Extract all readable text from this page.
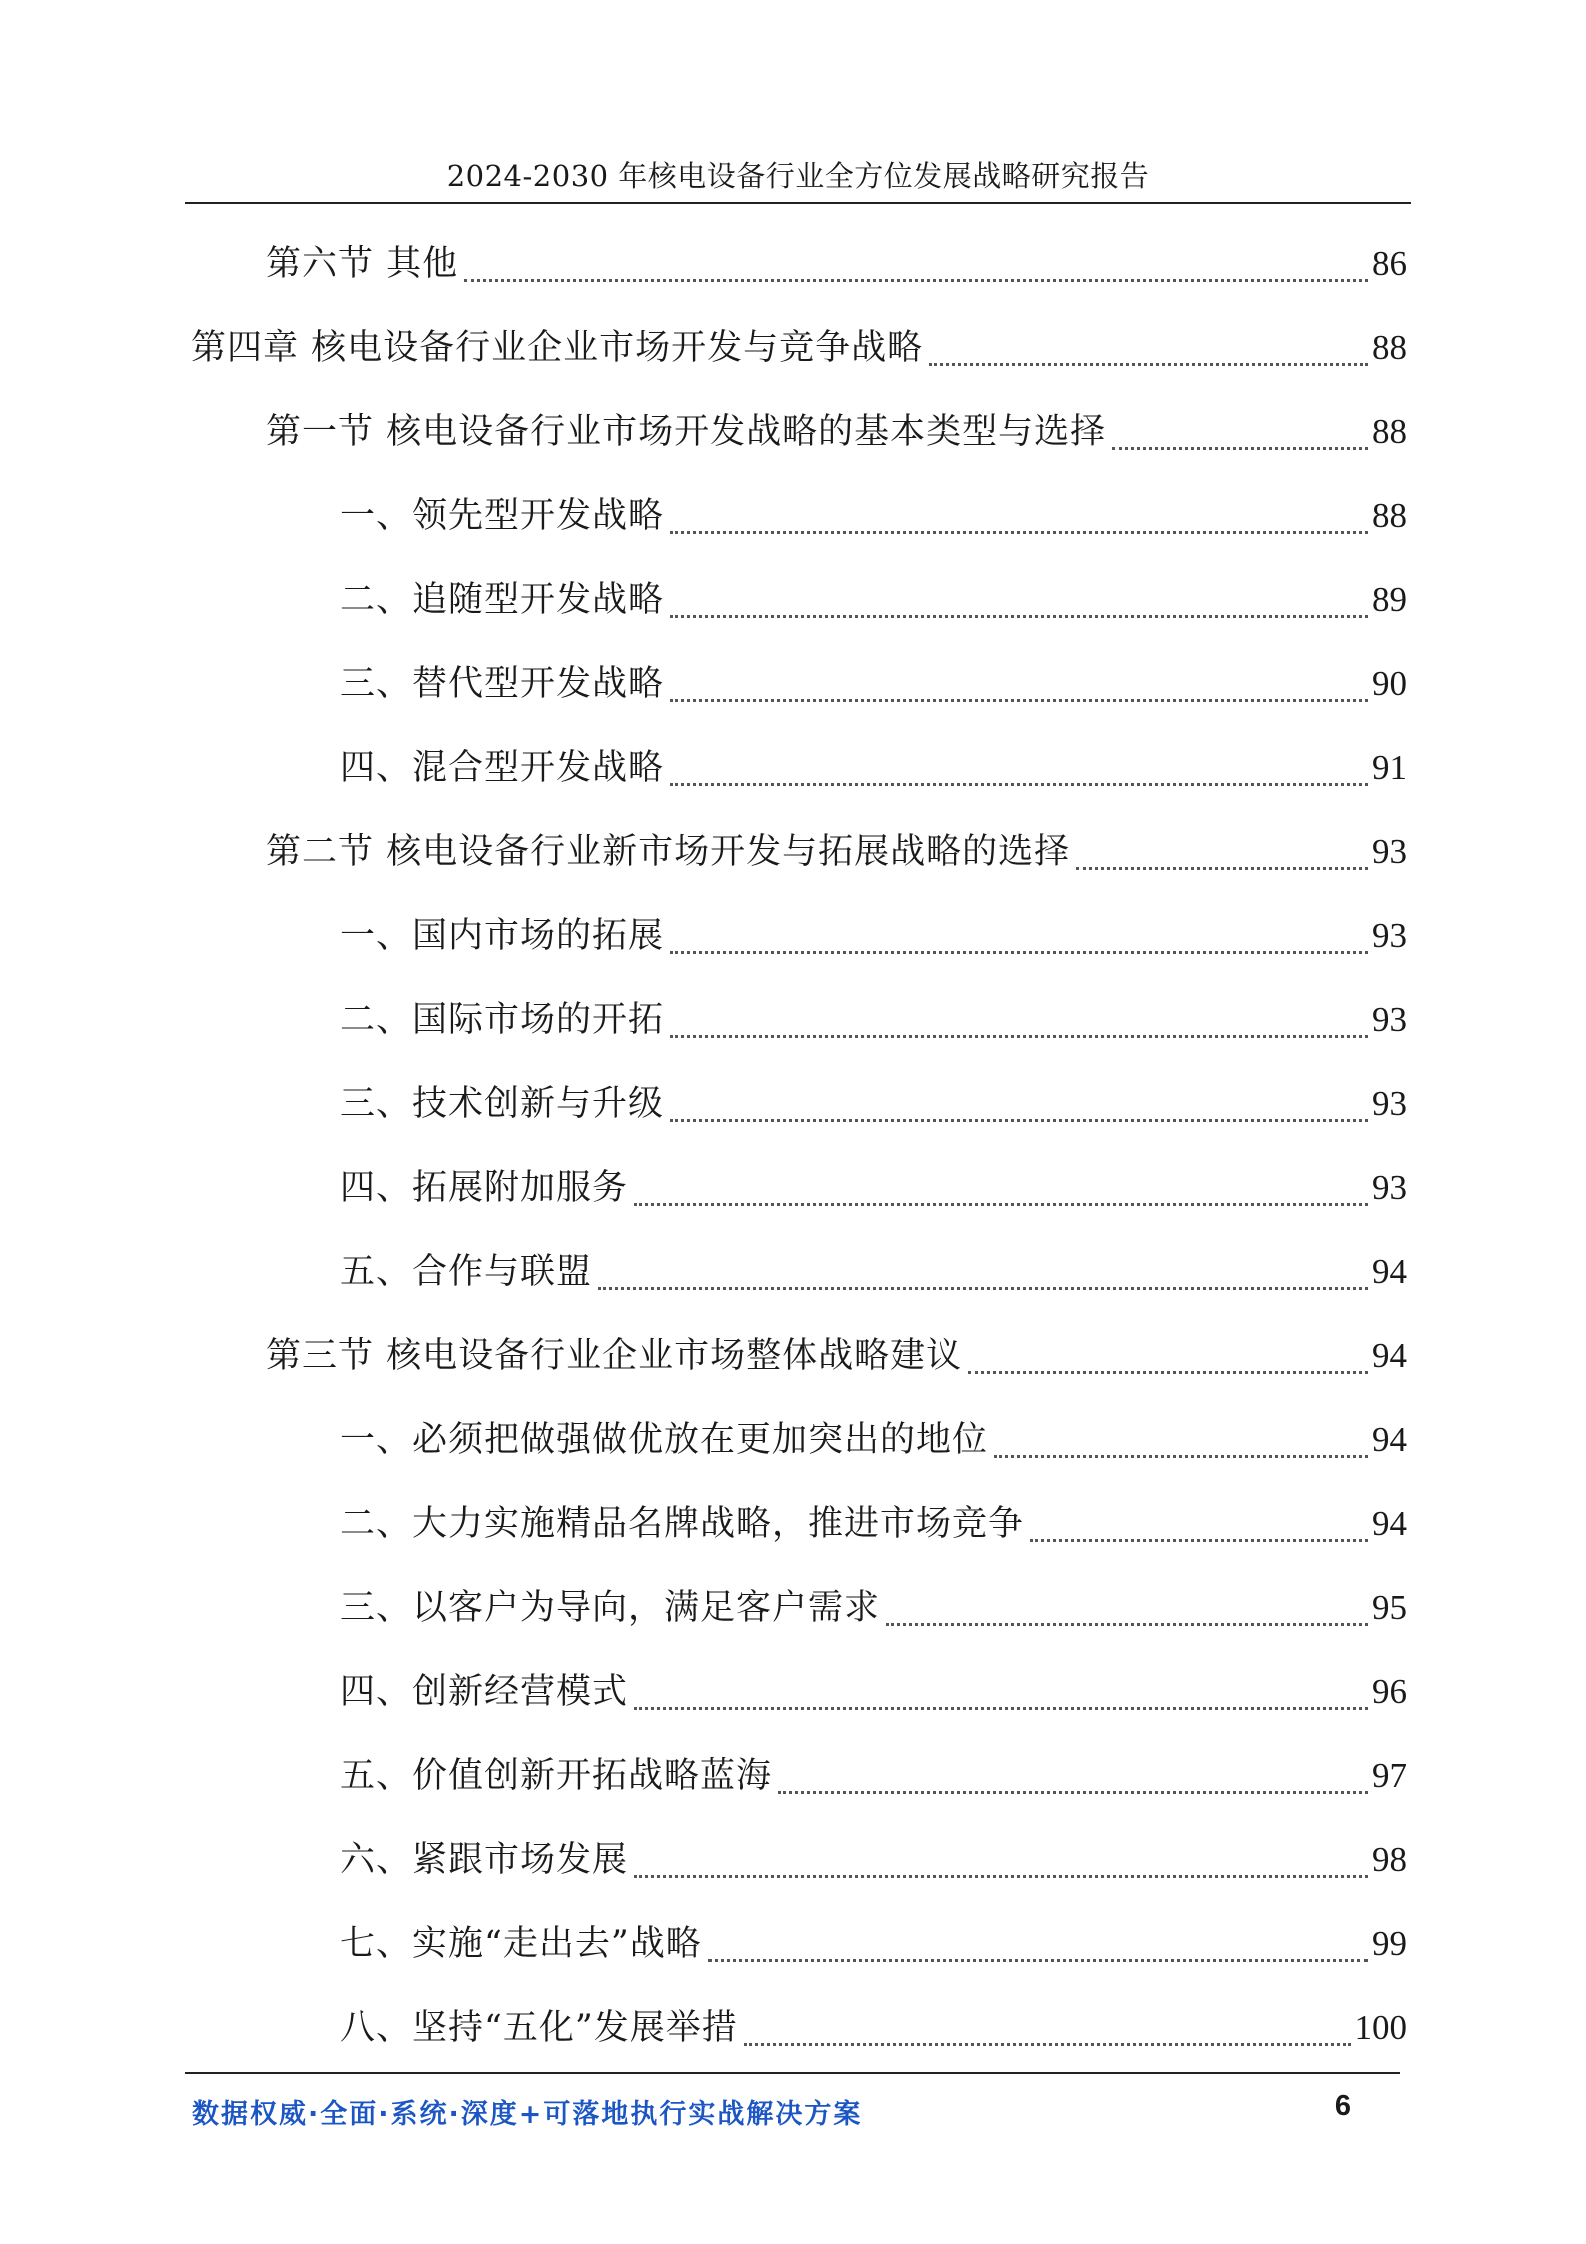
2024-2030 年核电设备行业全方位发展战略研究报告
第六节 其他	86
第四章 核电设备行业企业市场开发与竞争战略	88
第一节 核电设备行业市场开发战略的基本类型与选择	88
一、领先型开发战略	88
二、追随型开发战略	89
三、替代型开发战略	90
四、混合型开发战略	91
第二节 核电设备行业新市场开发与拓展战略的选择	93
一、国内市场的拓展	93
二、国际市场的开拓	93
三、技术创新与升级	93
四、拓展附加服务	93
五、合作与联盟	94
第三节 核电设备行业企业市场整体战略建议	94
一、必须把做强做优放在更加突出的地位	94
二、大力实施精品名牌战略，推进市场竞争	94
三、以客户为导向，满足客户需求	95
四、创新经营模式	96
五、价值创新开拓战略蓝海	97
六、紧跟市场发展	98
七、实施“走出去”战略	99
八、坚持“五化”发展举措	100
数据权威·全面·系统·深度+可落地执行实战解决方案	6
